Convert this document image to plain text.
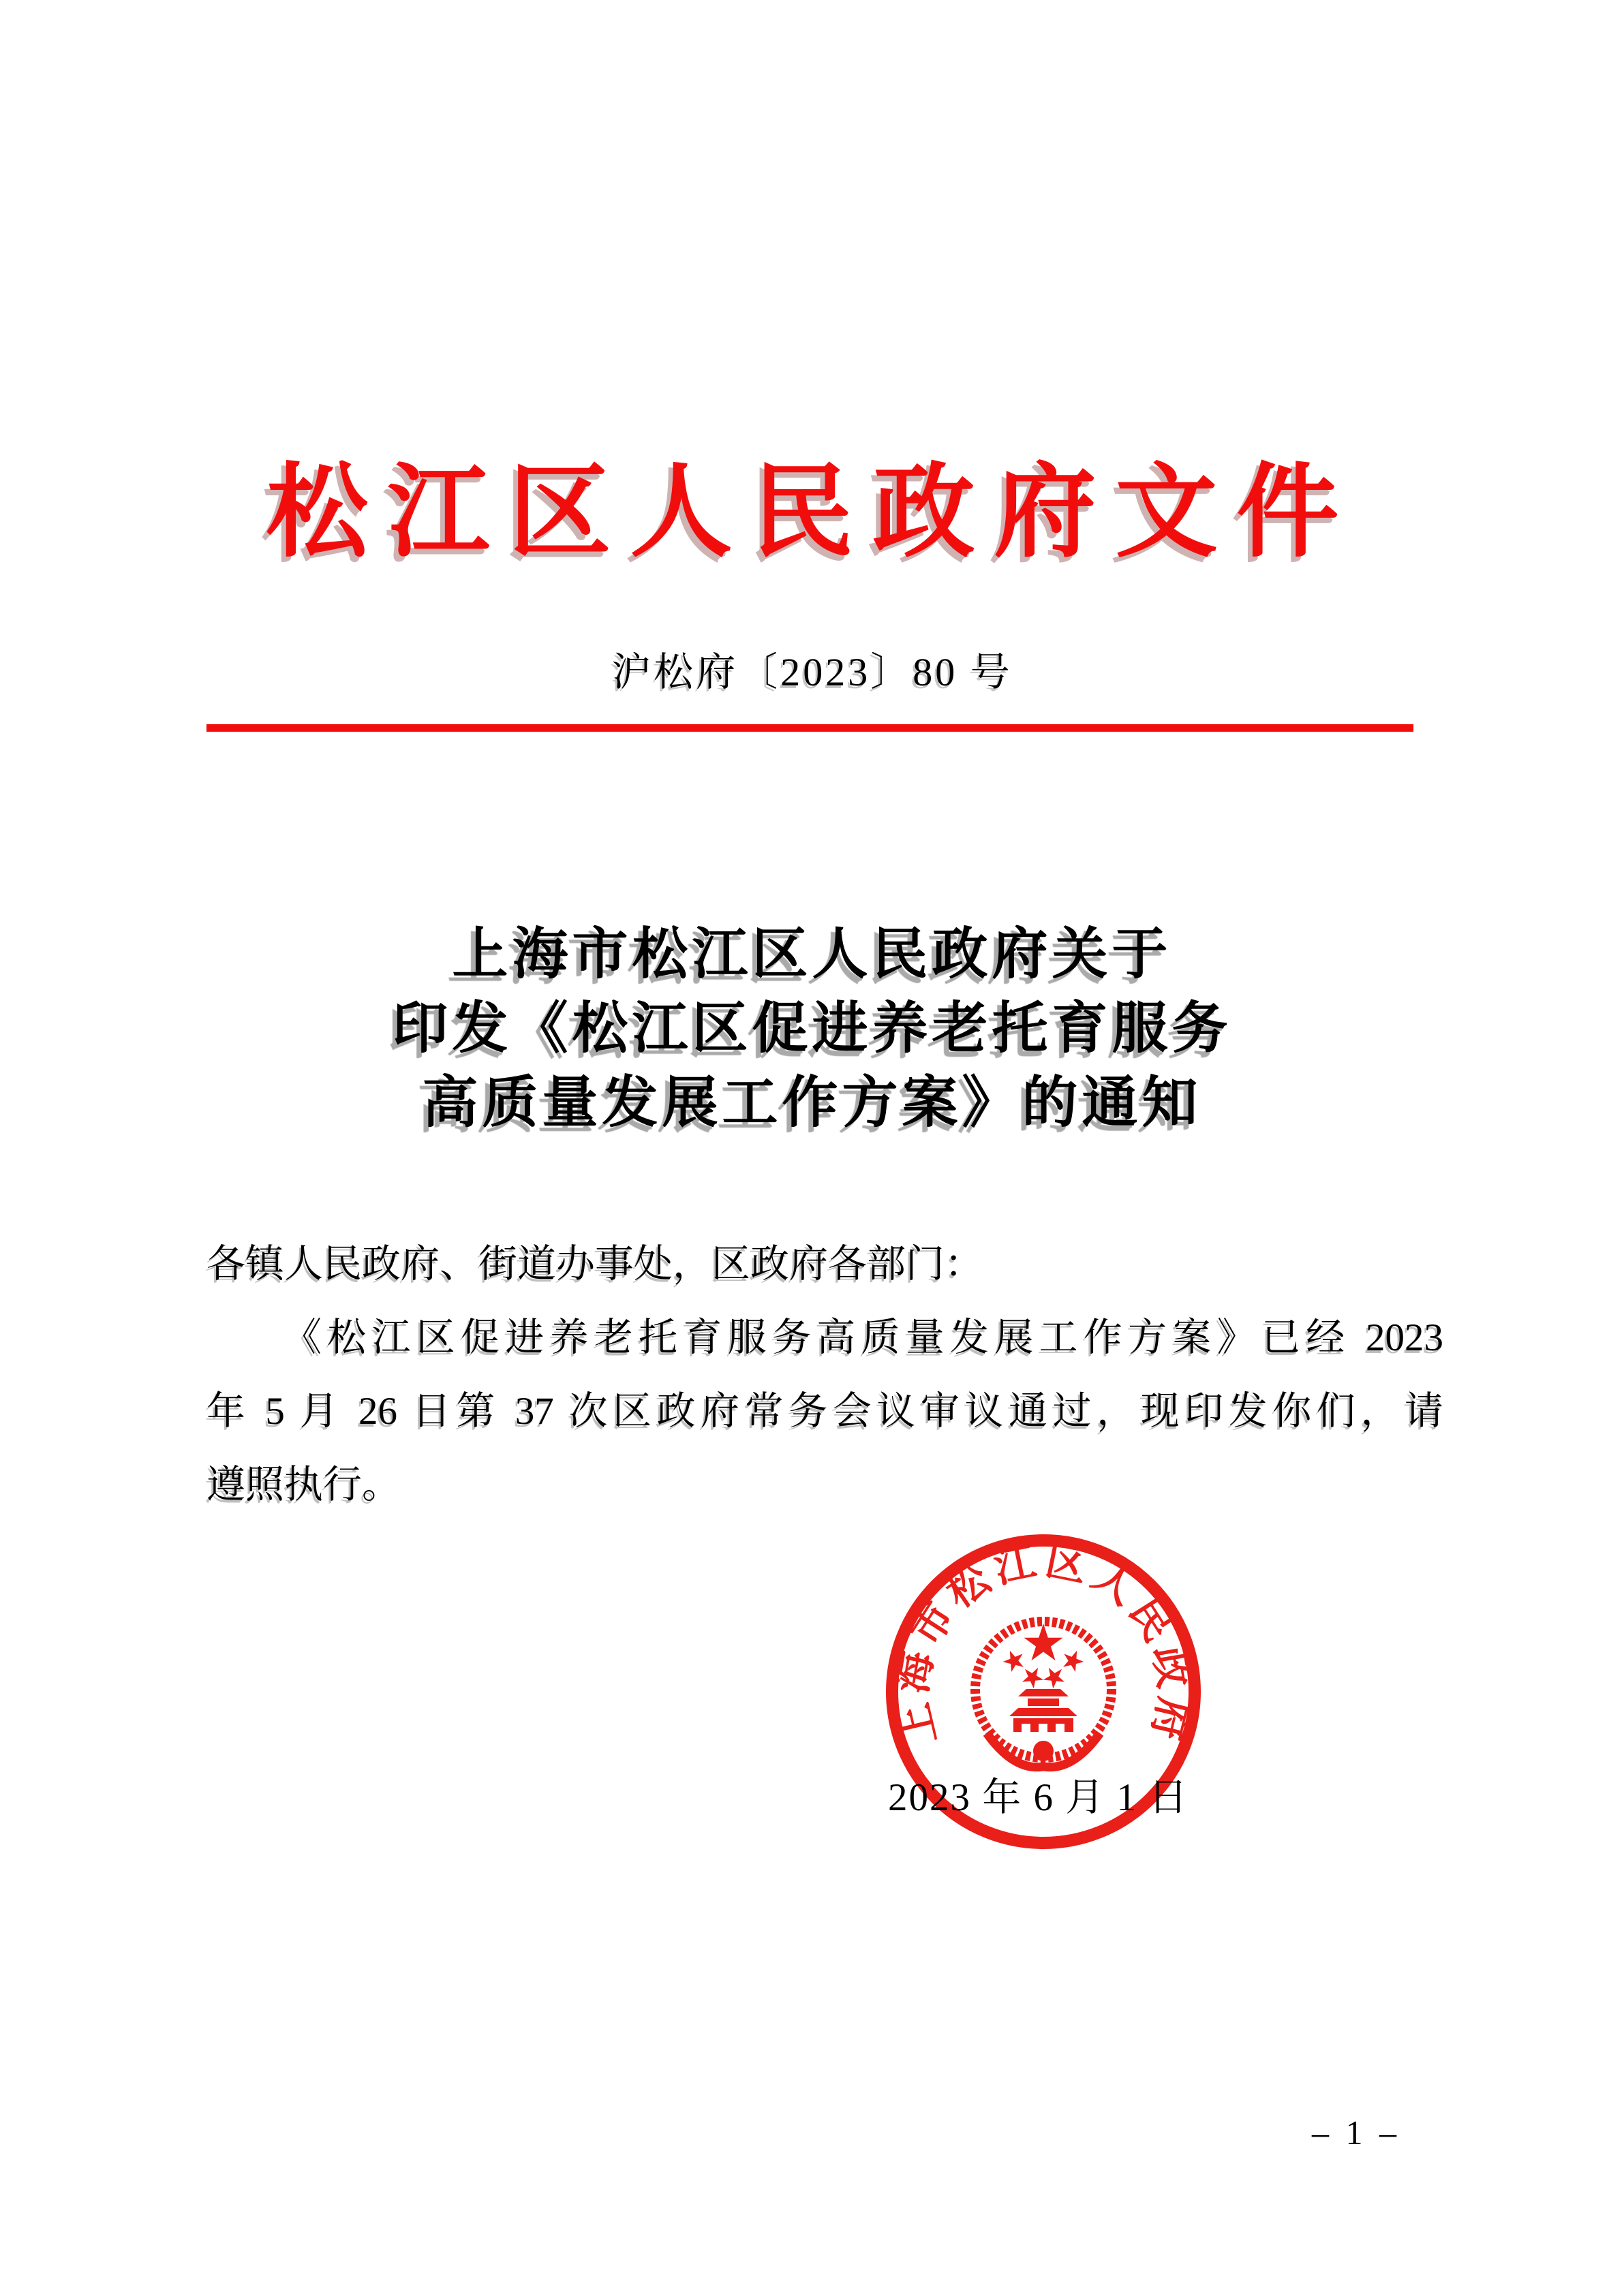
松江区人民政府文件
沪松府〔2023〕80 号
上海市松江区人民政府关于
印发《松江区促进养老托育服务
高质量发展工作方案》的通知
各镇人民政府、街道办事处，区政府各部门：
《松江区促进养老托育服务高质量发展工作方案》已经 2023
年 5 月 26 日第 37 次区政府常务会议审议通过，现印发你们，请
遵照执行。
上海市松江区人民政府
2023 年 6 月 1 日
– 1 –
